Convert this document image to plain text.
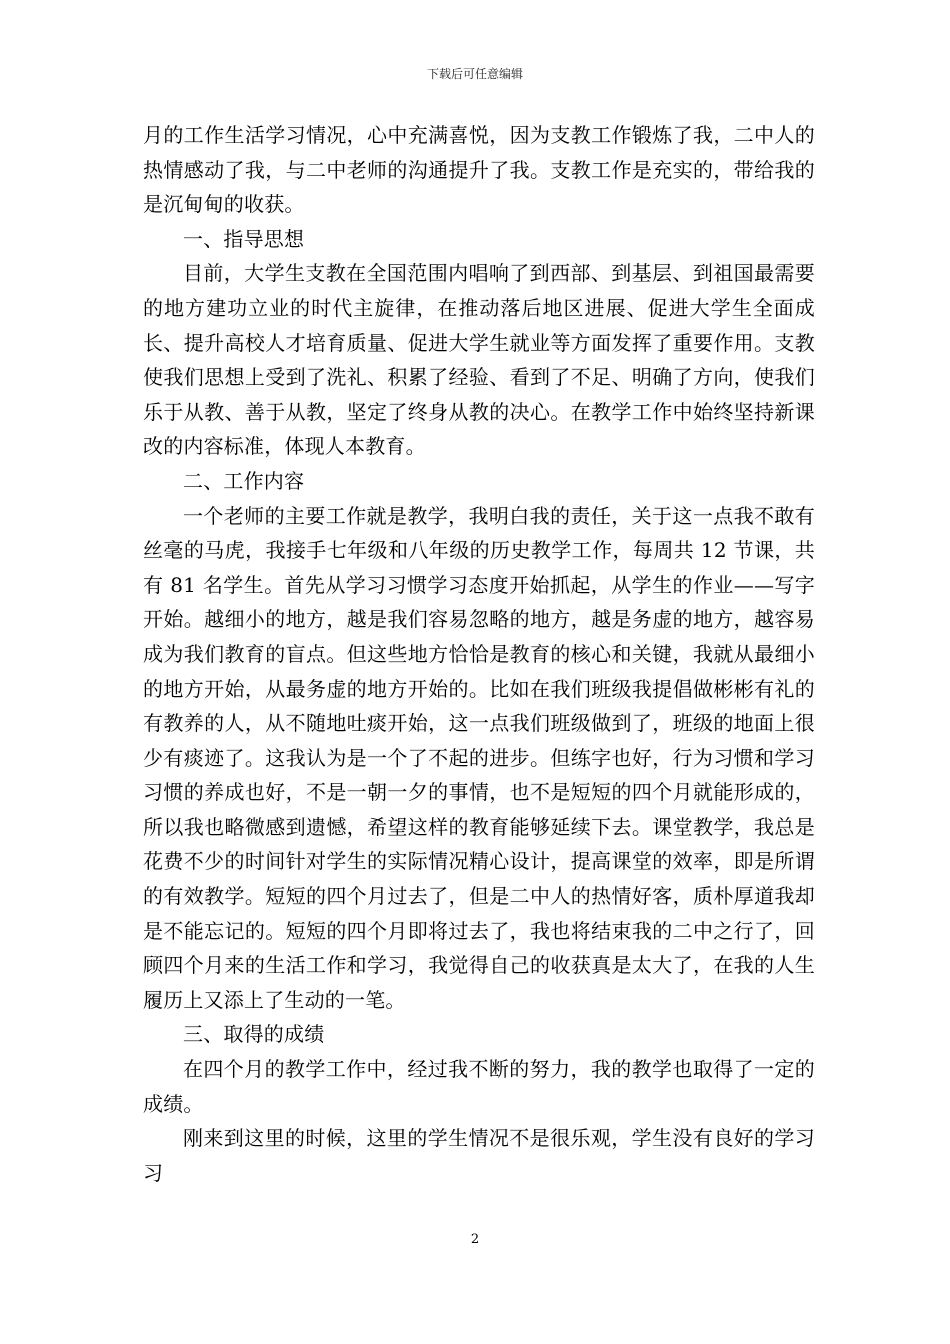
下载后可任意编辑

月的工作生活学习情况，心中充满喜悦，因为支教工作锻炼了我，二中人的热情感动了我，与二中老师的沟通提升了我。支教工作是充实的，带给我的是沉甸甸的收获。

一、指导思想

目前，大学生支教在全国范围内唱响了到西部、到基层、到祖国最需要的地方建功立业的时代主旋律，在推动落后地区进展、促进大学生全面成长、提升高校人才培育质量、促进大学生就业等方面发挥了重要作用。支教使我们思想上受到了洗礼、积累了经验、看到了不足、明确了方向，使我们乐于从教、善于从教，坚定了终身从教的决心。在教学工作中始终坚持新课改的内容标准，体现人本教育。

二、工作内容

一个老师的主要工作就是教学，我明白我的责任，关于这一点我不敢有丝毫的马虎，我接手七年级和八年级的历史教学工作，每周共 12 节课，共有 81 名学生。首先从学习习惯学习态度开始抓起，从学生的作业——写字开始。越细小的地方，越是我们容易忽略的地方，越是务虚的地方，越容易成为我们教育的盲点。但这些地方恰恰是教育的核心和关键，我就从最细小的地方开始，从最务虚的地方开始的。比如在我们班级我提倡做彬彬有礼的有教养的人，从不随地吐痰开始，这一点我们班级做到了，班级的地面上很少有痰迹了。这我认为是一个了不起的进步。但练字也好，行为习惯和学习习惯的养成也好，不是一朝一夕的事情，也不是短短的四个月就能形成的，所以我也略微感到遗憾，希望这样的教育能够延续下去。课堂教学，我总是花费不少的时间针对学生的实际情况精心设计，提高课堂的效率，即是所谓的有效教学。短短的四个月过去了，但是二中人的热情好客，质朴厚道我却是不能忘记的。短短的四个月即将过去了，我也将结束我的二中之行了，回顾四个月来的生活工作和学习，我觉得自己的收获真是太大了，在我的人生履历上又添上了生动的一笔。

三、取得的成绩

在四个月的教学工作中，经过我不断的努力，我的教学也取得了一定的成绩。

刚来到这里的时候，这里的学生情况不是很乐观，学生没有良好的学习习

2
